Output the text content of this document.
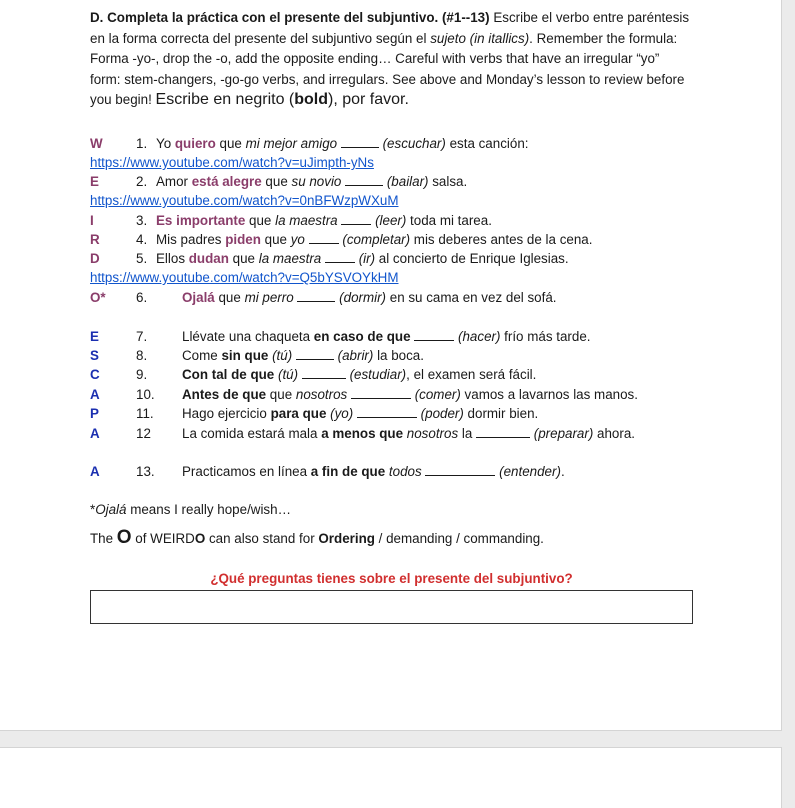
D. Completa la práctica con el presente del subjuntivo. (#1--13) Escribe el verbo entre paréntesis en la forma correcta del presente del subjuntivo según el sujeto (in itallics). Remember the formula: Forma -yo-, drop the -o, add the opposite ending… Careful with verbs that have an irregular “yo” form: stem-changers, -go-go verbs, and irregulars. See above and Monday’s lesson to review before you begin! Escribe en negrito (bold), por favor.

W 1. Yo quiero que mi mejor amigo	(escuchar) esta canción:
https://www.youtube.com/watch?v=uJimpth-yNs
E	2. Amor está alegre que su novio	(bailar) salsa.
https://www.youtube.com/watch?v=0nBFWzpWXuM
I	3. Es importante que la maestra	(leer) toda mi tarea.
R	4. Mis padres piden que yo	(completar) mis deberes antes de la cena.
D	5. Ellos dudan que la maestra	(ir) al concierto de Enrique Iglesias.
https://www.youtube.com/watch?v=Q5bYSVOYkHM
O* 6.	Ojalá que mi perro	(dormir) en su cama en vez del sofá.
E	7.	Llévate una chaqueta en caso de que	(hacer) frío más tarde.
S	8.	Come sin que (tú)	(abrir) la boca.
C	9.	Con tal de que (tú)	(estudiar), el examen será fácil.
A	10. Antes de que que nosotros	(comer) vamos a lavarnos las manos.
P	11. Hago ejercicio para que (yo)	(poder) dormir bien.
A	12 La comida estará mala a menos que nosotros la	(preparar) ahora.
A	13. Practicamos en línea a fin de que todos	(entender).
*Ojalá means I really hope/wish…
The O of WEIRDO can also stand for Ordering / demanding / commanding.
¿Qué preguntas tienes sobre el presente del subjuntivo?
